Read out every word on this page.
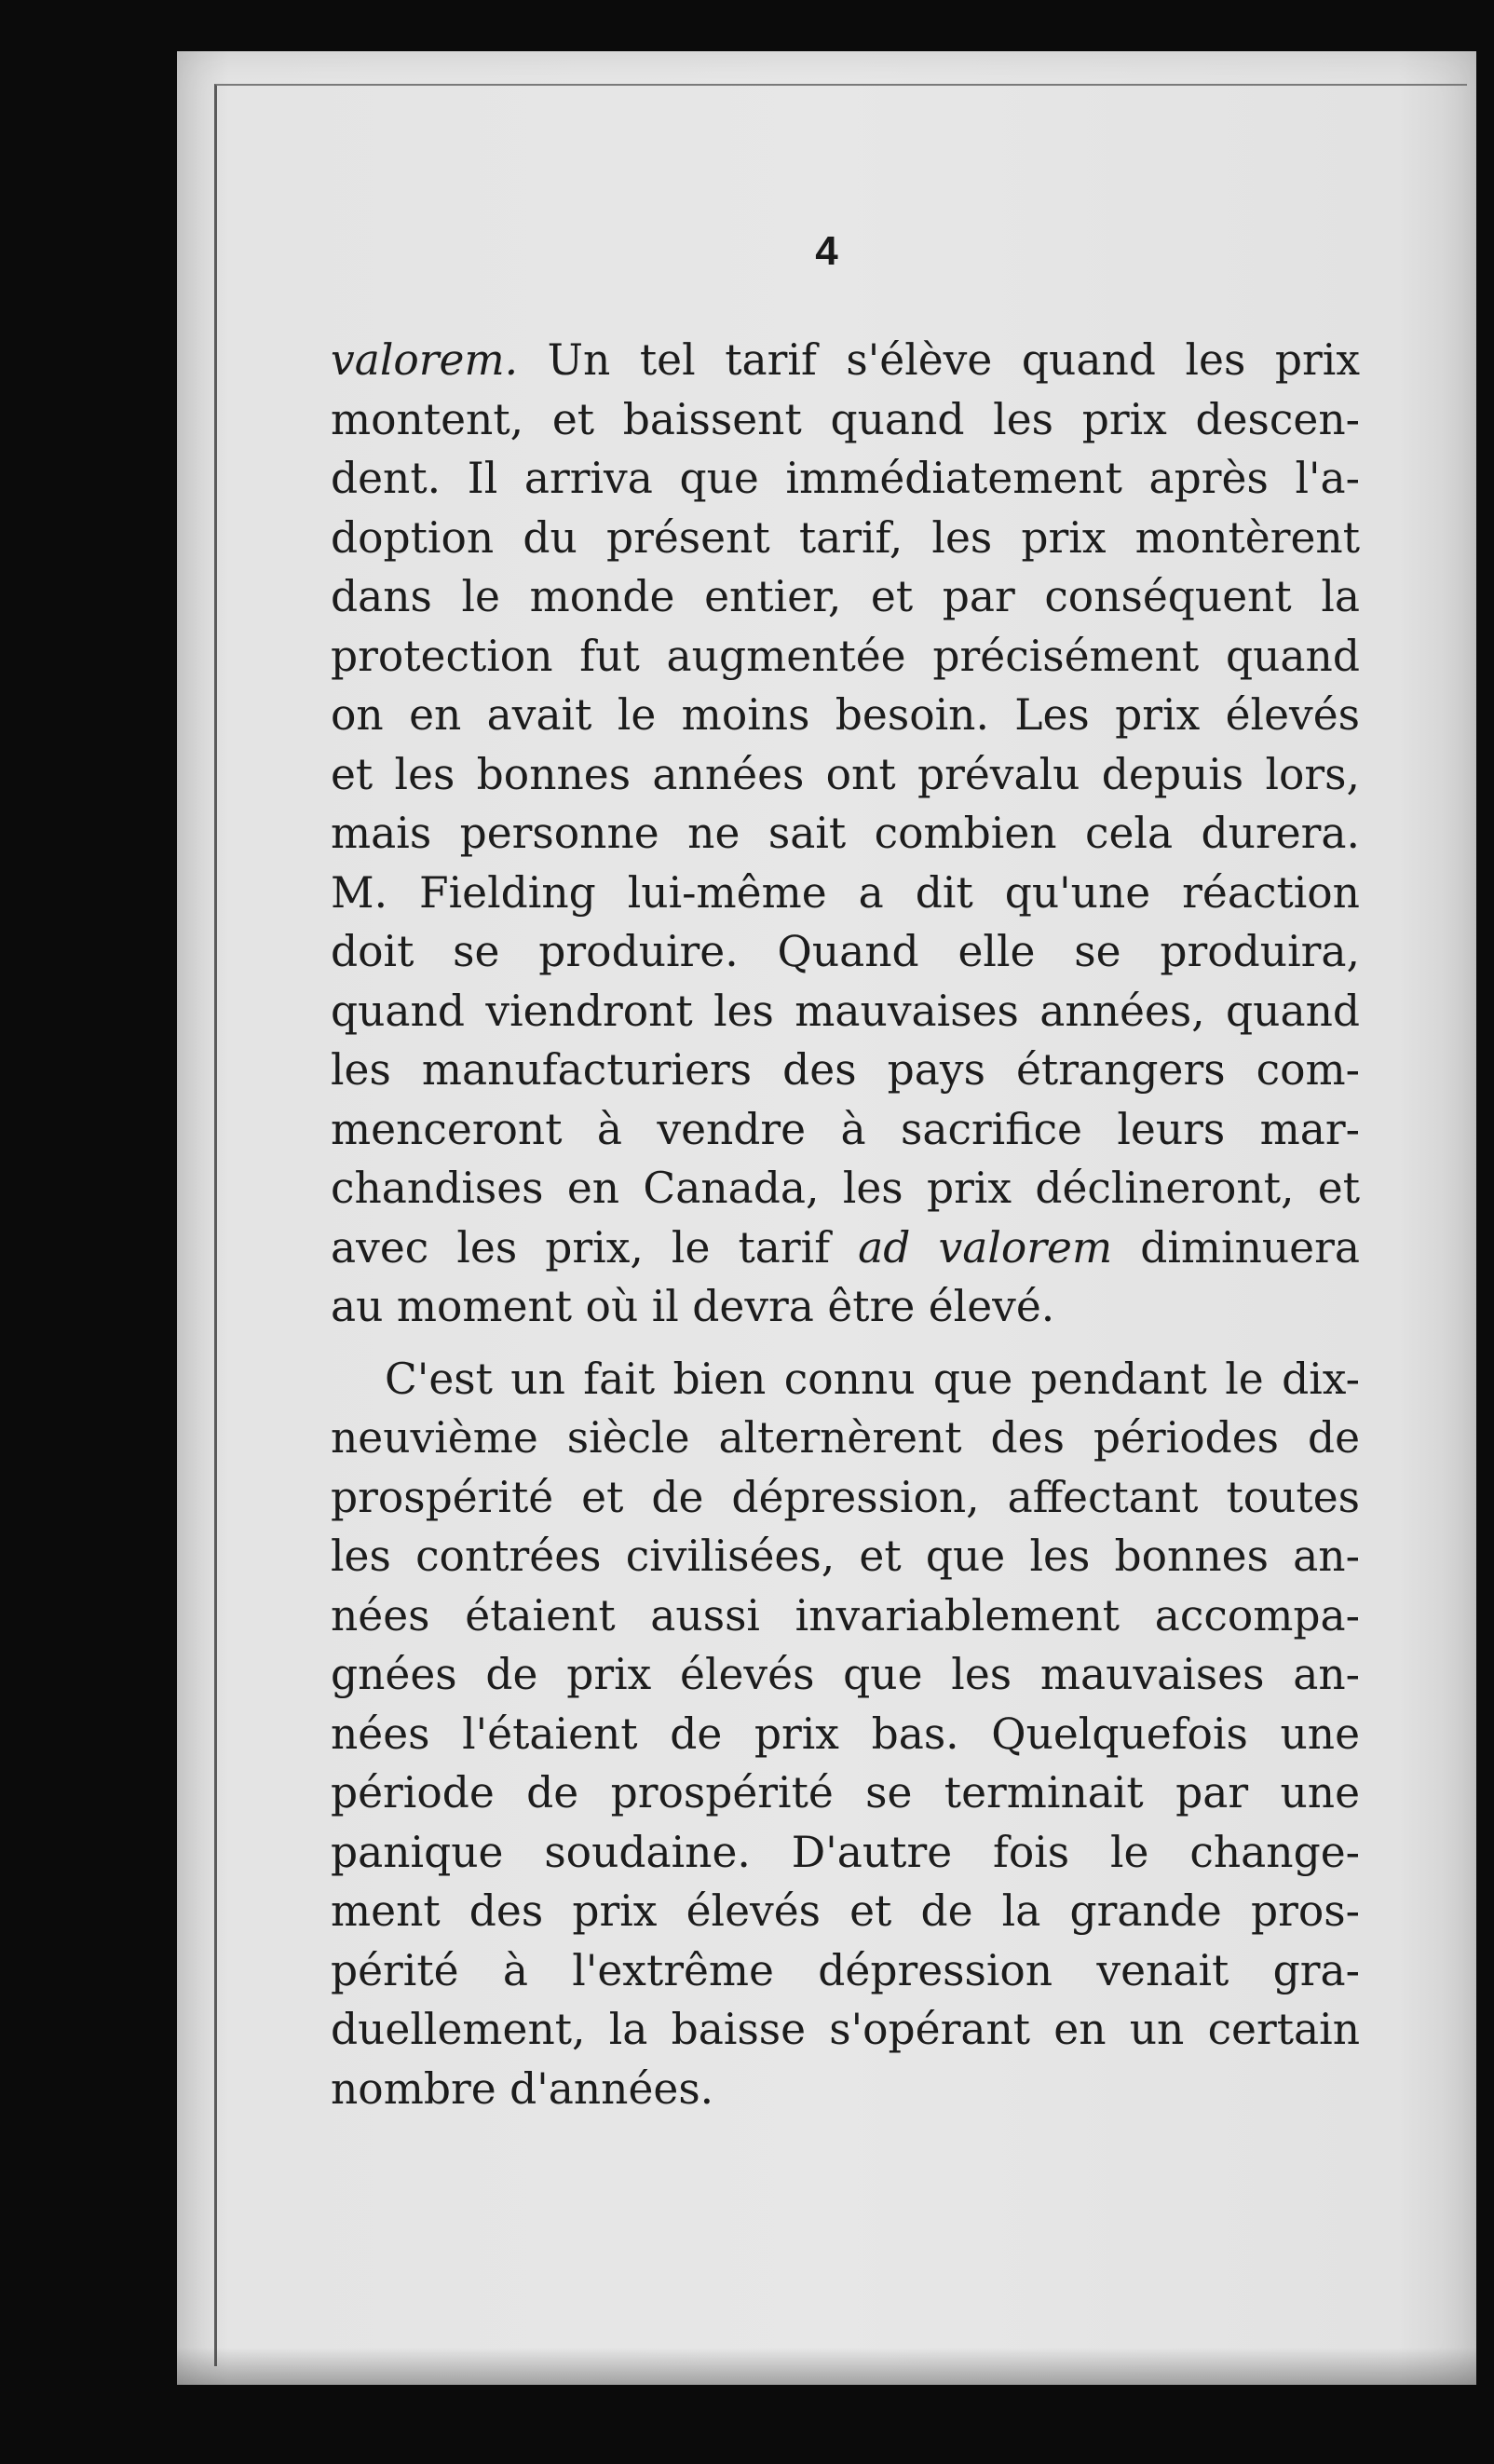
4

valorem. Un tel tarif s'élève quand les prix
montent, et baissent quand les prix descen-
dent. Il arriva que immédiatement après l'a-
doption du présent tarif, les prix montèrent
dans le monde entier, et par conséquent la
protection fut augmentée précisément quand
on en avait le moins besoin. Les prix élevés
et les bonnes années ont prévalu depuis lors,
mais personne ne sait combien cela durera.
M. Fielding lui-même a dit qu'une réaction
doit se produire. Quand elle se produira,
quand viendront les mauvaises années, quand
les manufacturiers des pays étrangers com-
menceront à vendre à sacrifice leurs mar-
chandises en Canada, les prix déclineront, et
avec les prix, le tarif ad valorem diminuera
au moment où il devra être élevé.

C'est un fait bien connu que pendant le dix-
neuvième siècle alternèrent des périodes de
prospérité et de dépression, affectant toutes
les contrées civilisées, et que les bonnes an-
nées étaient aussi invariablement accompa-
gnées de prix élevés que les mauvaises an-
nées l'étaient de prix bas. Quelquefois une
période de prospérité se terminait par une
panique soudaine. D'autre fois le change-
ment des prix élevés et de la grande pros-
périté à l'extrême dépression venait gra-
duellement, la baisse s'opérant en un certain
nombre d'années.
